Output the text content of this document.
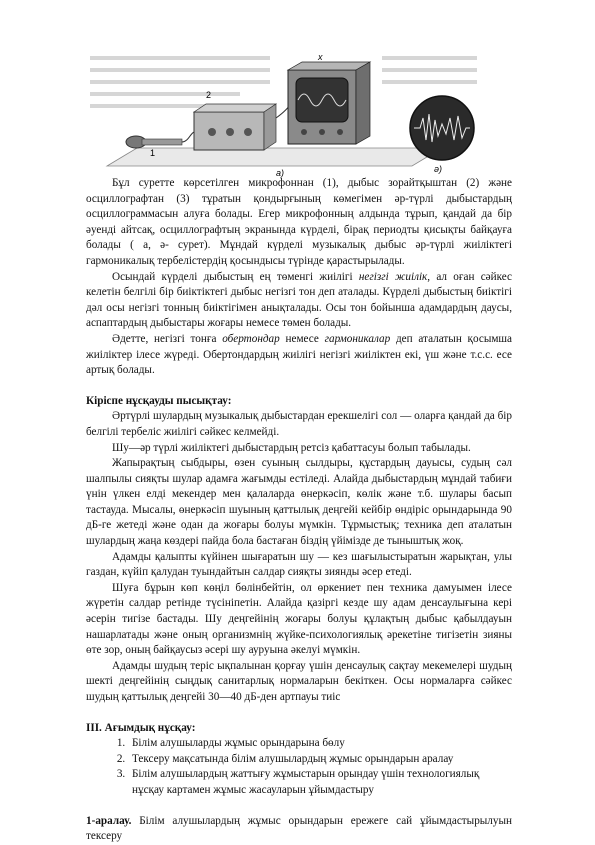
1
2
x
а)	ә)

Бұл суретте көрсетілген микрофоннан (1), дыбыс зорайтқыштан (2) және осциллографтан (3) тұратын қондырғының көмегімен әр-түрлі дыбыстардың осциллограммасын алуға болады. Егер микрофонның алдында тұрып, қандай да бір әуенді айтсақ, осциллографтың экранында күрделі, бірақ периодты қисықты байқауға болады ( а, ә- сурет). Мұндай күрделі музыкалық дыбыс әр-түрлі жиіліктегі гармоникалық тербелістердің қосындысы түрінде қарастырылады.

Осындай күрделі дыбыстың ең төменгі жиілігі негізгі жиілік, ал оған сәйкес келетін белгілі бір биіктіктегі дыбыс негізгі тон деп аталады. Күрделі дыбыстың биіктігі дәл осы негізгі тонның биіктігімен анықталады. Осы тон бойынша адамдардың даусы, аспаптардың дыбыстары жоғары немесе төмен болады.

Әдетте, негізгі тонға обертондар немесе гармоникалар деп аталатын қосымша жиіліктер ілесе жүреді. Обертондардың жиілігі негізгі жиіліктен екі, үш және т.с.с. есе артық болады.

Кіріспе нұсқауды пысықтау:

Әртүрлі шулардың музыкалық дыбыстардан ерекшелігі сол — оларға қандай да бір белгілі тербеліс жиілігі сәйкес келмейді.

Шу—әр түрлі жиіліктегі дыбыстардың ретсіз қабаттасуы болып табылады.

Жапырақтың сыбдыры, өзен суының сылдыры, құстардың дауысы, судың сәл шалпылы сияқты шулар адамға жағымды естіледі. Алайда дыбыстардың мұндай табиғи үнін үлкен елді мекендер мен қалаларда өнеркәсіп, көлік және т.б. шулары басып тастауда. Мысалы, өнеркәсіп шуының қаттылық деңгейі кейбір өндіріс орындарында 90 дБ-ге жетеді және одан да жоғары болуы мүмкін. Тұрмыстық; техника деп аталатын шулардың жаңа көздері пайда бола бастаған біздің үйімізде де тыныштық жоқ.

Адамды қалыпты күйінен шығаратын шу — кез шағылыстыратын жарықтан, улы газдан, күйіп қалудан туындайтын салдар сияқты зиянды әсер етеді.

Шуға бұрын көп көңіл бөлінбейтін, ол өркениет пен техника дамуымен ілесе жүретін салдар ретінде түсініпетін. Алайда қазіргі кезде шу адам денсаулығына кері әсерін тигізе бастады. Шу деңгейінің жоғары болуы құлақтың дыбыс қабылдауын нашарлатады және оның организмнің жүйке-психологиялық әрекетіне тигізетін зияны өте зор, оның байқаусыз әсері шу ауруына әкелуі мүмкін.

Адамды шудың теріс ықпалынан қорғау үшін денсаулық сақтау мекемелері шудың шекті деңгейінің сыңдық санитарлық нормаларын бекіткен. Осы нормаларға сәйкес шудың қаттылық деңгейі 30—40 дБ-ден артпауы тиіс

ІІІ. Ағымдық нұсқау:

1. Білім алушыларды жұмыс орындарына бөлу
2. Тексеру мақсатында білім алушылардың жұмыс орындарын аралау
3. Білім алушылардың жаттығу жұмыстарын орындау үшін технологиялық нұсқау картамен жұмыс жасауларын ұйымдастыру

1-аралау. Білім алушылардың жұмыс орындарын ережеге сай ұйымдастырылуын тексеру
